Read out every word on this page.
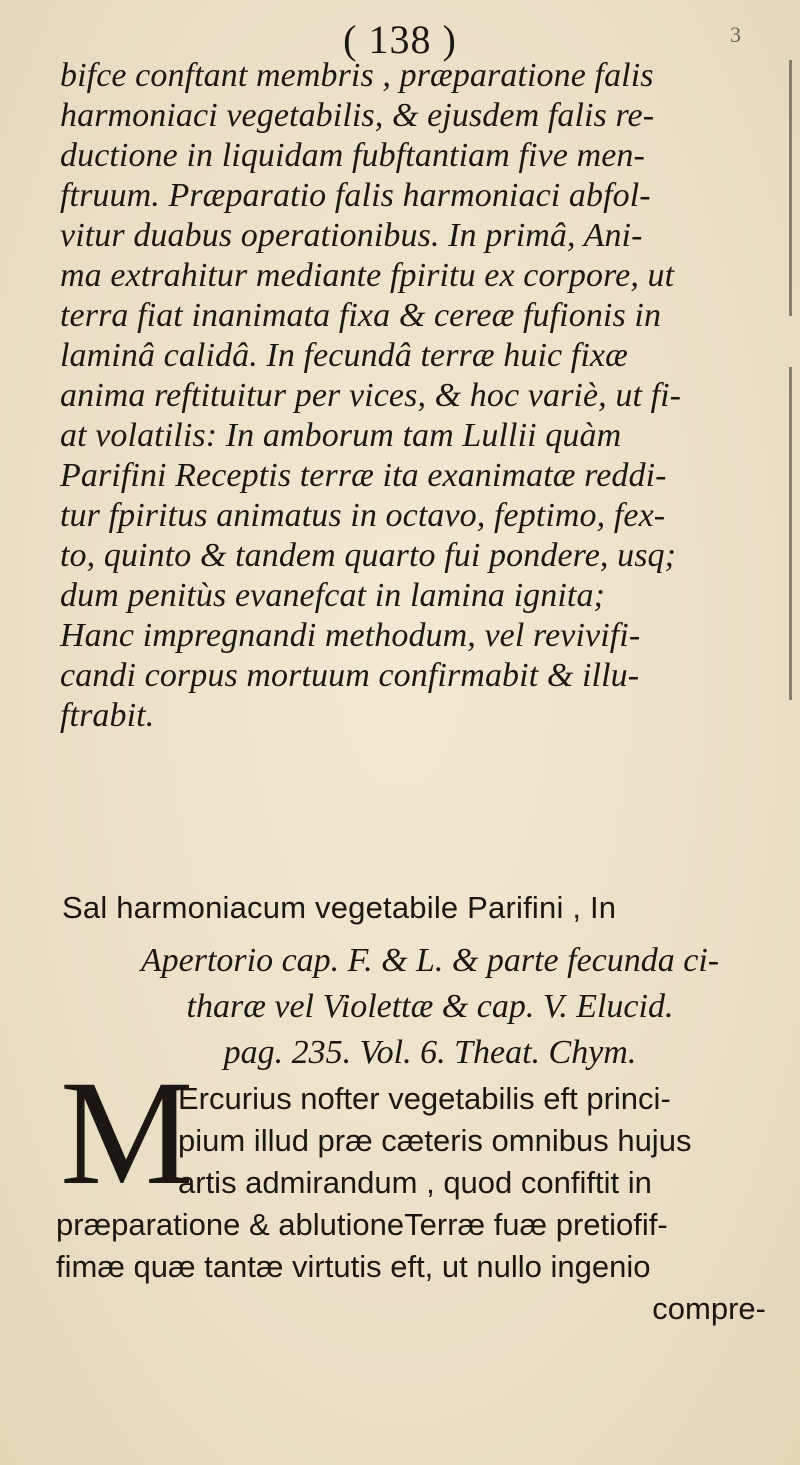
( 138 )	3
bifce conftant membris , præparatione falis
harmoniaci vegetabilis, & ejusdem falis re-
ductione in liquidam fubftantiam five men-
ftruum. Præparatio falis harmoniaci abfol-
vitur duabus operationibus. In primâ, Ani-
ma extrahitur mediante fpiritu ex corpore, ut
terra fiat inanimata fixa & cereæ fufionis in
laminâ calidâ. In fecundâ terræ huic fixæ
anima reftituitur per vices, & hoc variè, ut fi-
at volatilis: In amborum tam Lullii quàm
Parifini Receptis terræ ita exanimatæ reddi-
tur fpiritus animatus in octavo, feptimo, fex-
to, quinto & tandem quarto fui pondere, usq;
dum penitùs evanefcat in lamina ignita;
Hanc impregnandi methodum, vel revivifi-
candi corpus mortuum confirmabit & illu-
ftrabit.
Sal harmoniacum vegetabile Parifini , In
Apertorio cap. F. & L. & parte fecunda ci-
tharæ vel Violettæ & cap. V. Elucid.
pag. 235. Vol. 6. Theat. Chym.
M
Ercurius nofter vegetabilis eft princi-
pium illud præ cæteris omnibus hujus
artis admirandum , quod confiftit in
præparatione & ablutioneTerræ fuæ pretiofif-
fimæ quæ tantæ virtutis eft, ut nullo ingenio
compre-
